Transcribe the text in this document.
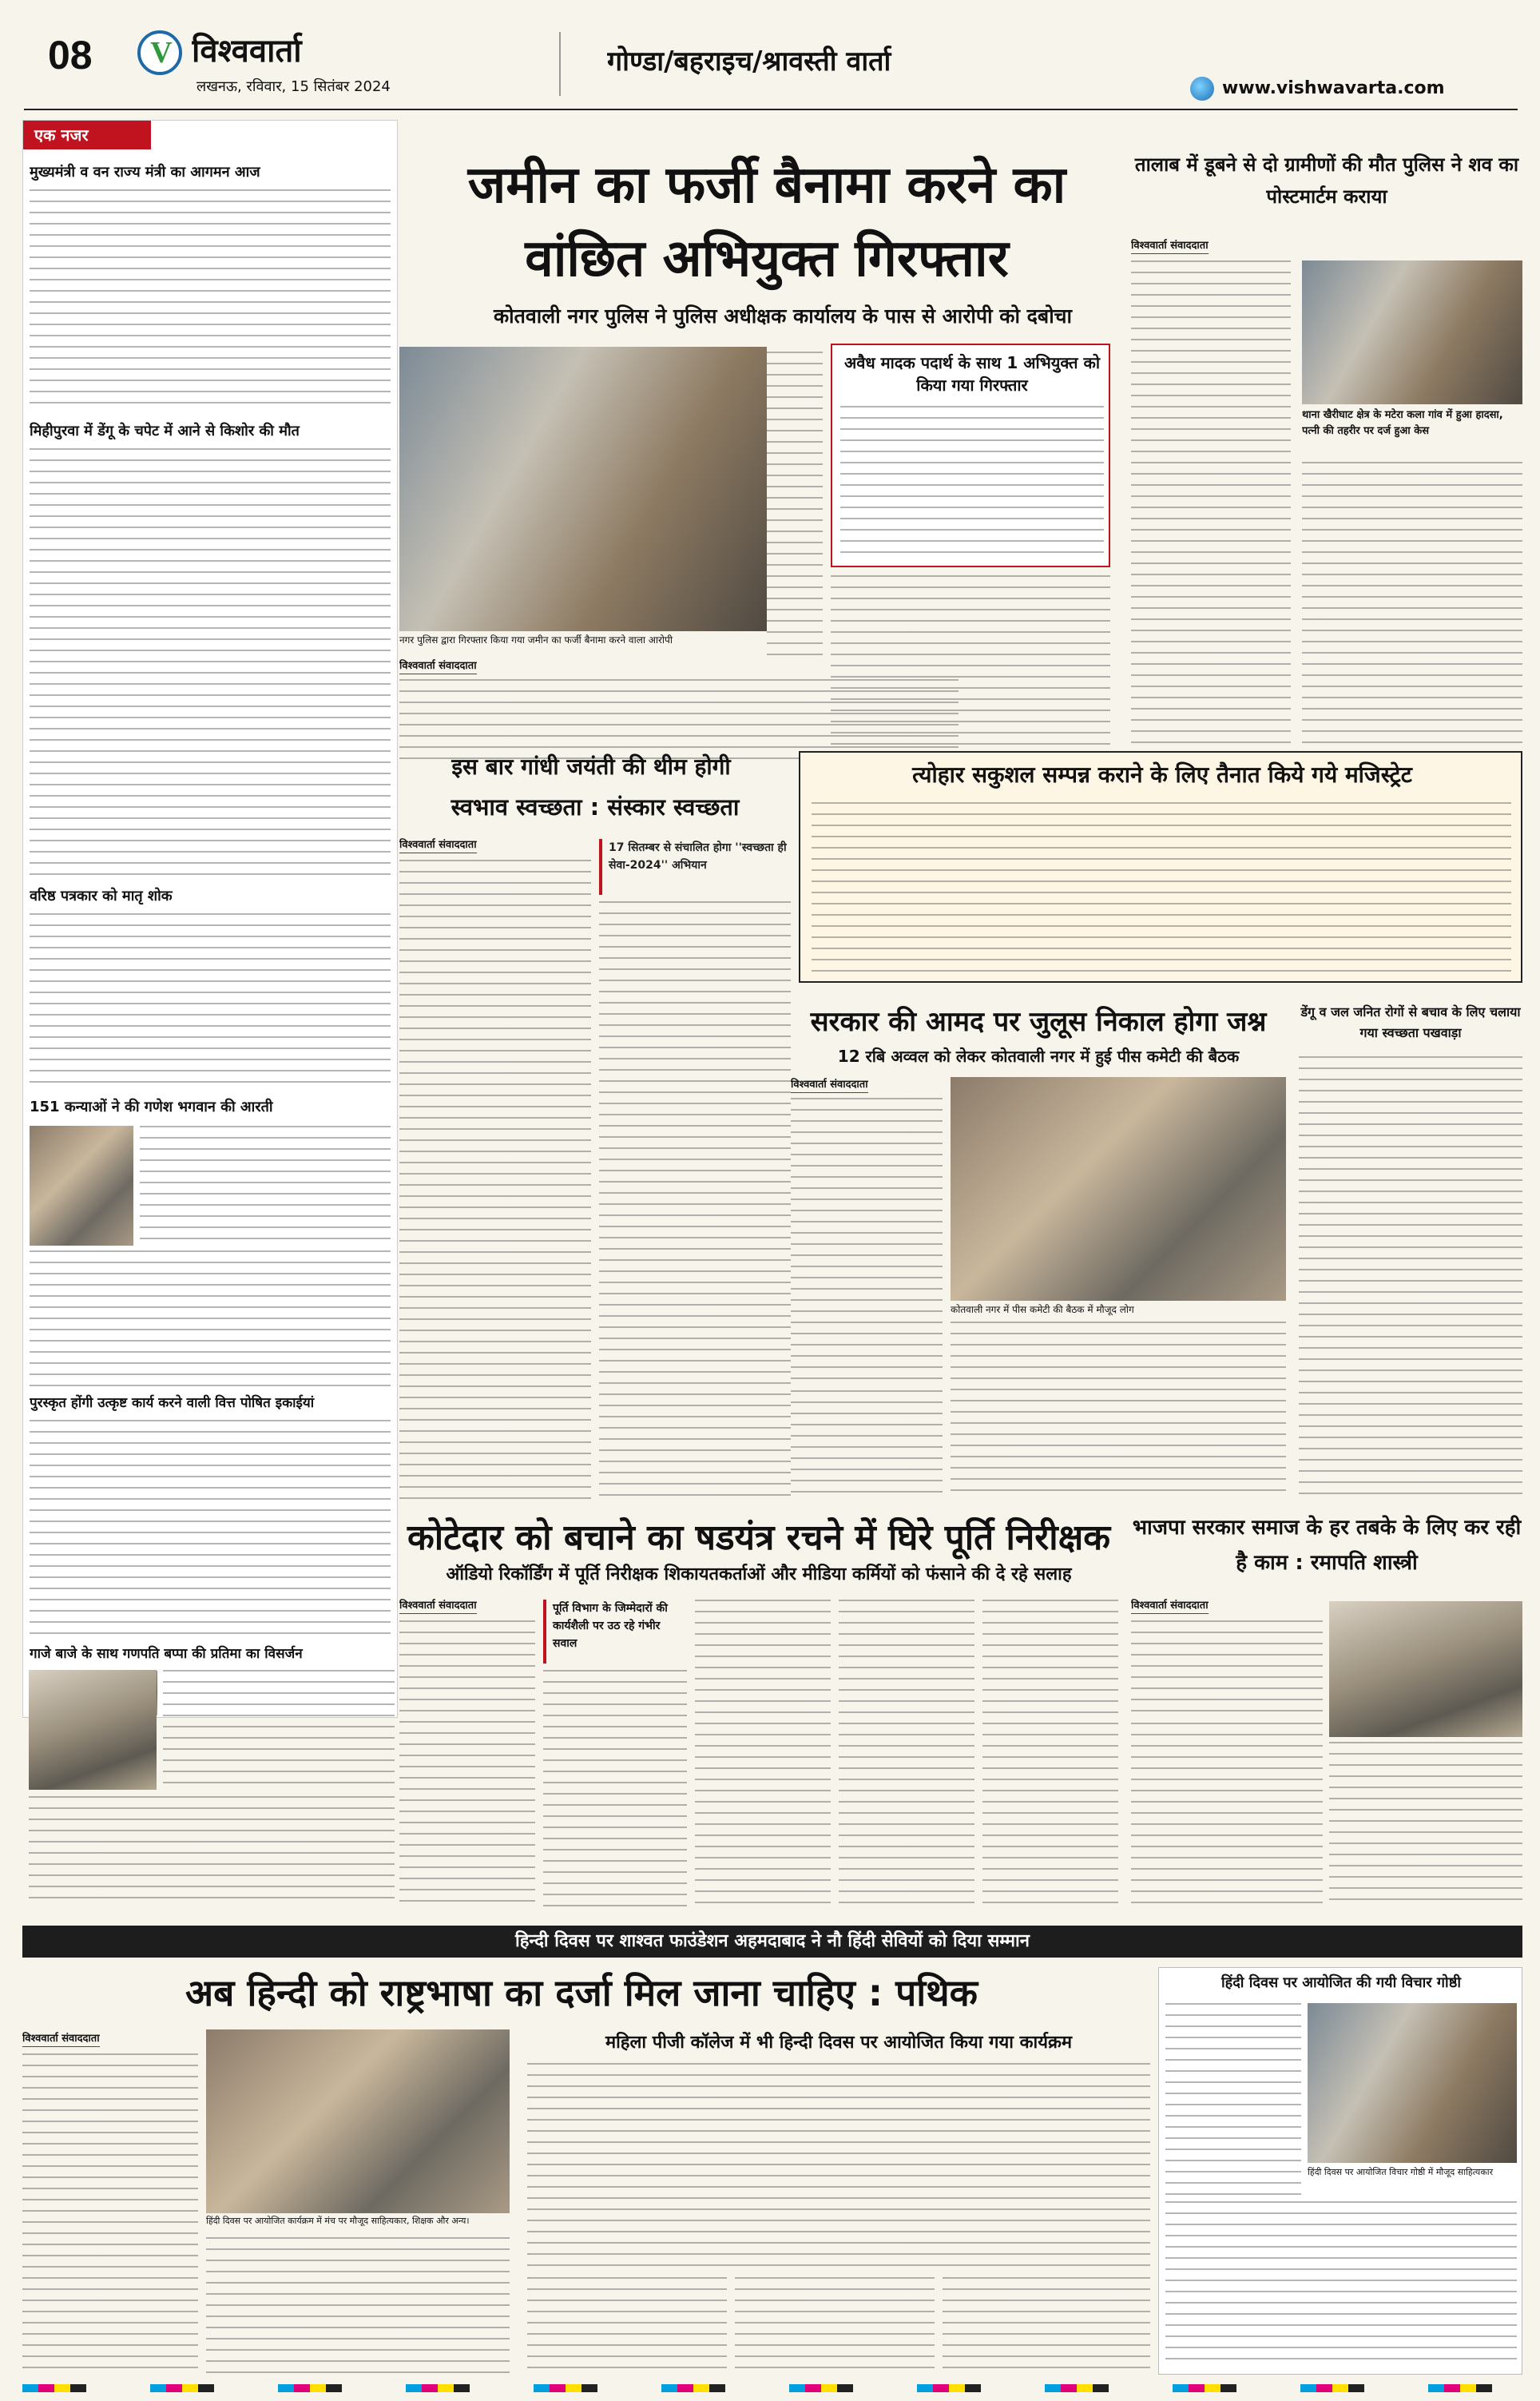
08	V विश्ववार्ता
लखनऊ, रविवार, 15 सितंबर 2024
गोण्डा/बहराइच/श्रावस्ती वार्ता
www.vishwavarta.com
एक नजर
मुख्यमंत्री व वन राज्य मंत्री का आगमन आज
मिहीपुरवा में डेंगू के चपेट में आने से किशोर की मौत
वरिष्ठ पत्रकार को मातृ शोक
151 कन्याओं ने की गणेश भगवान की आरती
पुरस्कृत होंगी उत्कृष्ट कार्य करने वाली वित्त पोषित इकाईयां
गाजे बाजे के साथ गणपति बप्पा की प्रतिमा का विसर्जन
जमीन का फर्जी बैनामा करने का वांछित अभियुक्त गिरफ्तार
कोतवाली नगर पुलिस ने पुलिस अधीक्षक कार्यालय के पास से आरोपी को दबोचा
नगर पुलिस द्वारा गिरफ्तार किया गया जमीन का फर्जी बैनामा करने वाला आरोपी
विश्ववार्ता संवाददाता
अवैध मादक पदार्थ के साथ 1 अभियुक्त को किया गया गिरफ्तार
तालाब में डूबने से दो ग्रामीणों की मौत पुलिस ने शव का पोस्टमार्टम कराया
विश्ववार्ता संवाददाता
थाना खैरीघाट क्षेत्र के मटेरा कला गांव में हुआ हादसा, पत्नी की तहरीर पर दर्ज हुआ केस
इस बार गांधी जयंती की थीम होगी
स्वभाव स्वच्छता : संस्कार स्वच्छता
विश्ववार्ता संवाददाता	17 सितम्बर से संचालित होगा ''स्वच्छता ही सेवा-2024'' अभियान
त्योहार सकुशल सम्पन्न कराने के लिए तैनात किये गये मजिस्ट्रेट
सरकार की आमद पर जुलूस निकाल होगा जश्न
12 रबि अव्वल को लेकर कोतवाली नगर में हुई पीस कमेटी की बैठक
विश्ववार्ता संवाददाता
कोतवाली नगर में पीस कमेटी की बैठक में मौजूद लोग
डेंगू व जल जनित रोगों से बचाव के लिए चलाया गया स्वच्छता पखवाड़ा
कोटेदार को बचाने का षडयंत्र रचने में घिरे पूर्ति निरीक्षक
ऑडियो रिकॉर्डिंग में पूर्ति निरीक्षक शिकायतकर्ताओं और मीडिया कर्मियों को फंसाने की दे रहे सलाह
विश्ववार्ता संवाददाता	पूर्ति विभाग के जिम्मेदारों की कार्यशैली पर उठ रहे गंभीर सवाल
भाजपा सरकार समाज के हर तबके के लिए कर रही है काम : रमापति शास्त्री
विश्ववार्ता संवाददाता
हिन्दी दिवस पर शाश्वत फाउंडेशन अहमदाबाद ने नौ हिंदी सेवियों को दिया सम्मान
अब हिन्दी को राष्ट्रभाषा का दर्जा मिल जाना चाहिए : पथिक
विश्ववार्ता संवाददाता
हिंदी दिवस पर आयोजित कार्यक्रम में मंच पर मौजूद साहित्यकार, शिक्षक और अन्य।
महिला पीजी कॉलेज में भी हिन्दी दिवस पर आयोजित किया गया कार्यक्रम
हिंदी दिवस पर आयोजित की गयी विचार गोष्ठी
हिंदी दिवस पर आयोजित विचार गोष्ठी में मौजूद साहित्यकार
